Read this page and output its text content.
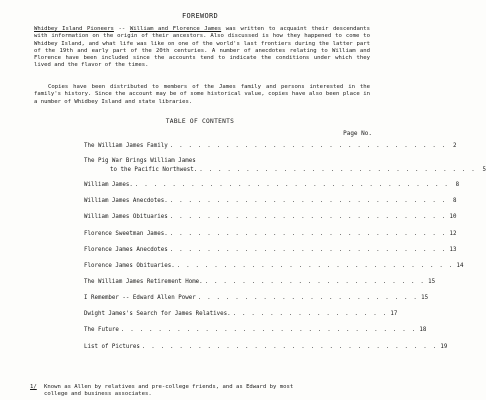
FOREWORD

Whidbey Island Pioneers -- William and Florence James was written to acquaint their descendants with information on the origin of their ancestors. Also discussed is how they happened to come to Whidbey Island, and what life was like on one of the world's last frontiers during the latter part of the 19th and early part of the 20th centuries. A number of anecdotes relating to William and Florence have been included since the accounts tend to indicate the conditions under which they lived and the flavor of the times.

Copies have been distributed to members of the James family and persons interested in the family's history. Since the account may be of some historical value, copies have also been place in a number of Whidbey Island and state libraries.

TABLE OF CONTENTS
Page No.
The William James Family . . . . . . . . . . . . . . . . . . . . . . . . . . . . . .	2
The Pig War Brings William James
to the Pacific Northwest. . . . . . . . . . . . . . . . . . . . . . . . . . . . . . .	5
William James. . . . . . . . . . . . . . . . . . . . . . . . . . . . . . . . . . .	8
William James Anecdotes. . . . . . . . . . . . . . . . . . . . . . . . . . . . . . .	8
William James Obituaries . . . . . . . . . . . . . . . . . . . . . . . . . . . . . . 10
Florence Sweetman James. . . . . . . . . . . . . . . . . . . . . . . . . . . . . . . 12
Florence James Anecdotes . . . . . . . . . . . . . . . . . . . . . . . . . . . . . . 13
Florence James Obituaries. . . . . . . . . . . . . . . . . . . . . . . . . . . . . . . 14
The William James Retirement Home. . . . . . . . . . . . . . . . . . . . . . . . . 15
I Remember -- Edward Allen Power . . . . . . . . . . . . . . . . . . . . . . . . 15
Dwight James's Search for James Relatives. . . . . . . . . . . . . . . . . . 17
The Future . . . . . . . . . . . . . . . . . . . . . . . . . . . . . . . . 18
List of Pictures . . . . . . . . . . . . . . . . . . . . . . . . . . . . . . . . 19
1/ Known as Allen by relatives and pre-college friends, and as Edward by most
college and business associates.
